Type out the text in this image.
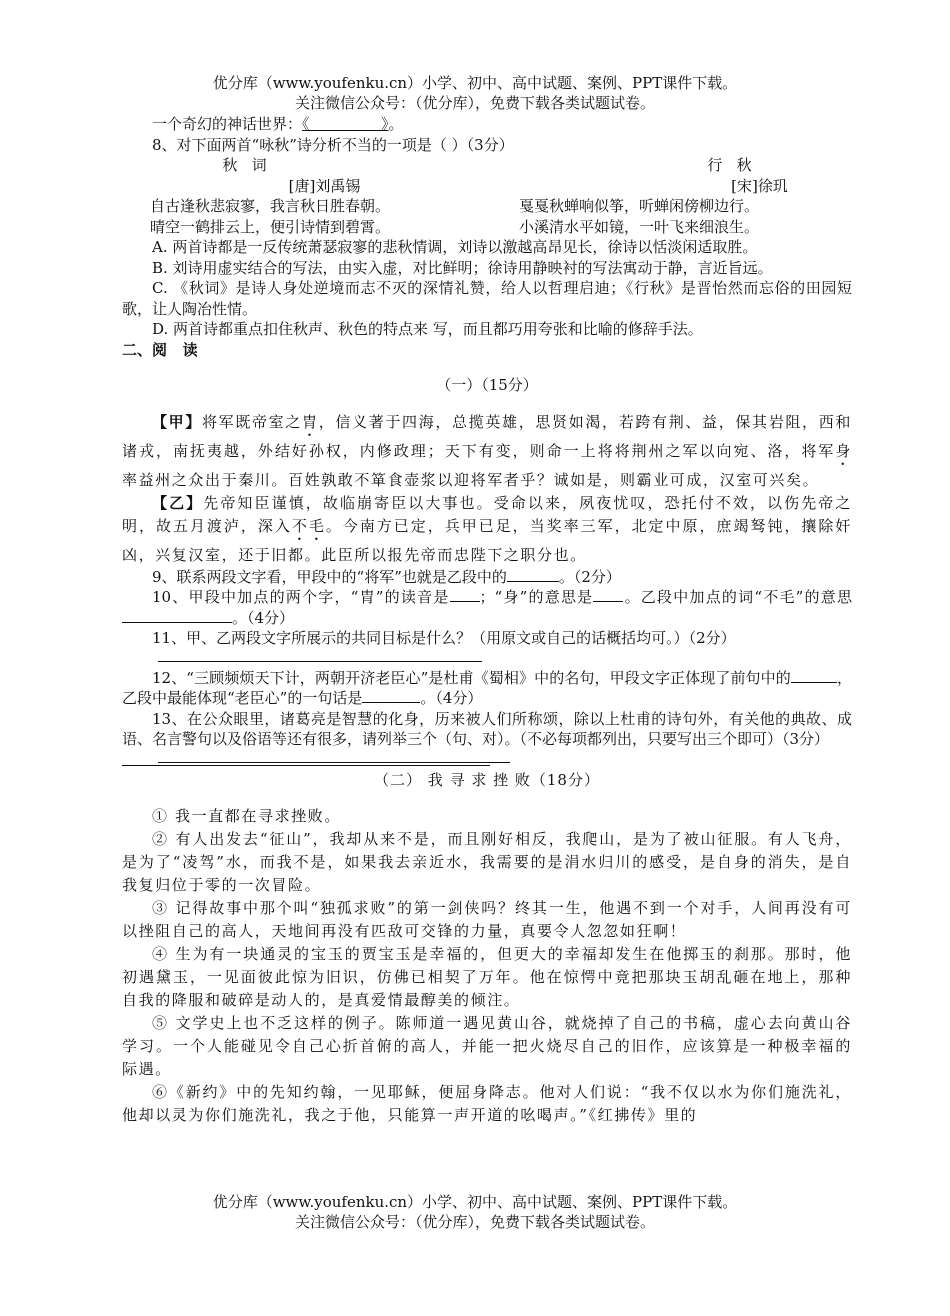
优分库（www.youfenku.cn）小学、初中、高中试题、案例、PPT课件下载。
关注微信公众号：（优分库），免费下载各类试题试卷。

一个奇幻的神话世界：《               》。

8、对下面两首“咏秋”诗分析不当的一项是（ ）（3分）

秋   词
[唐]刘禹锡
自古逢秋悲寂寥，我言秋日胜春朝。
晴空一鹤排云上，便引诗情到碧霄。
行   秋
[宋]徐玑
戛戛秋蝉响似筝，听蝉闲傍柳边行。
小溪清水平如镜，一叶飞来细浪生。

A. 两首诗都是一反传统萧瑟寂寥的悲秋情调，刘诗以激越高昂见长，徐诗以恬淡闲适取胜。

B. 刘诗用虚实结合的写法，由实入虚，对比鲜明；徐诗用静映衬的写法寓动于静，言近旨远。

C. 《秋词》是诗人身处逆境而志不灭的深情礼赞，给人以哲理启迪；《行秋》是晋怡然而忘俗的田园短歌，让人陶冶性情。

D. 两首诗都重点扣住秋声、秋色的特点来 写，而且都巧用夸张和比喻的修辞手法。

二、阅   读

（一）（15分）

【甲】将军既帝室之胄，信义著于四海，总揽英雄，思贤如渴，若跨有荆、益，保其岩阻，西和诸戎，南抚夷越，外结好孙权，内修政理；天下有变，则命一上将将荆州之军以向宛、洛，将军身率益州之众出于秦川。百姓孰敢不箪食壶浆以迎将军者乎？诚如是，则霸业可成，汉室可兴矣。

【乙】先帝知臣谨慎，故临崩寄臣以大事也。受命以来，夙夜忧叹，恐托付不效，以伤先帝之明，故五月渡泸，深入不毛。今南方已定，兵甲已足，当奖率三军，北定中原，庶竭驽钝，攘除奸凶，兴复汉室，还于旧都。此臣所以报先帝而忠陛下之职分也。

9、联系两段文字看，甲段中的“将军”也就是乙段中的	。（2分）

10、甲段中加点的两个字，“胄”的读音是 ；“身”的意思是 。乙段中加点的词“不毛”的意思。（4分）

11、甲、乙两段文字所展示的共同目标是什么？（用原文或自己的话概括均可。）（2分）

12、“三顾频烦天下计，两朝开济老臣心”是杜甫《蜀相》中的名句，甲段文字正体现了前句中的	，乙段中最能体现“老臣心”的一句话是	。（4分）

13、在公众眼里，诸葛亮是智慧的化身，历来被人们所称颂，除以上杜甫的诗句外，有关他的典故、成语、名言警句以及俗语等还有很多，请列举三个（句、对）。（不必每项都列出，只要写出三个即可）（3分）

（二） 我 寻 求 挫 败（18分）

① 我一直都在寻求挫败。

② 有人出发去“征山”，我却从来不是，而且刚好相反，我爬山，是为了被山征服。有人飞舟，是为了“凌驾”水，而我不是，如果我去亲近水，我需要的是涓水归川的感受，是自身的消失，是自我复归位于零的一次冒险。

③ 记得故事中那个叫“独孤求败”的第一剑侠吗？终其一生，他遇不到一个对手，人间再没有可以挫阻自己的高人，天地间再没有匹敌可交锋的力量，真要令人忽忽如狂啊！

④ 生为有一块通灵的宝玉的贾宝玉是幸福的，但更大的幸福却发生在他掷玉的刹那。那时，他初遇黛玉，一见面彼此惊为旧识，仿佛已相契了万年。他在惊愕中竟把那块玉胡乱砸在地上，那种自我的降服和破碎是动人的，是真爱情最醇美的倾注。

⑤ 文学史上也不乏这样的例子。陈师道一遇见黄山谷，就烧掉了自己的书稿，虚心去向黄山谷学习。一个人能碰见令自己心折首俯的高人，并能一把火烧尽自己的旧作，应该算是一种极幸福的际遇。

⑥《新约》中的先知约翰，一见耶稣，便屈身降志。他对人们说：“我不仅以水为你们施洗礼，他却以灵为你们施洗礼，我之于他，只能算一声开道的吆喝声。”《红拂传》里的

优分库（www.youfenku.cn）小学、初中、高中试题、案例、PPT课件下载。
关注微信公众号：（优分库），免费下载各类试题试卷。
